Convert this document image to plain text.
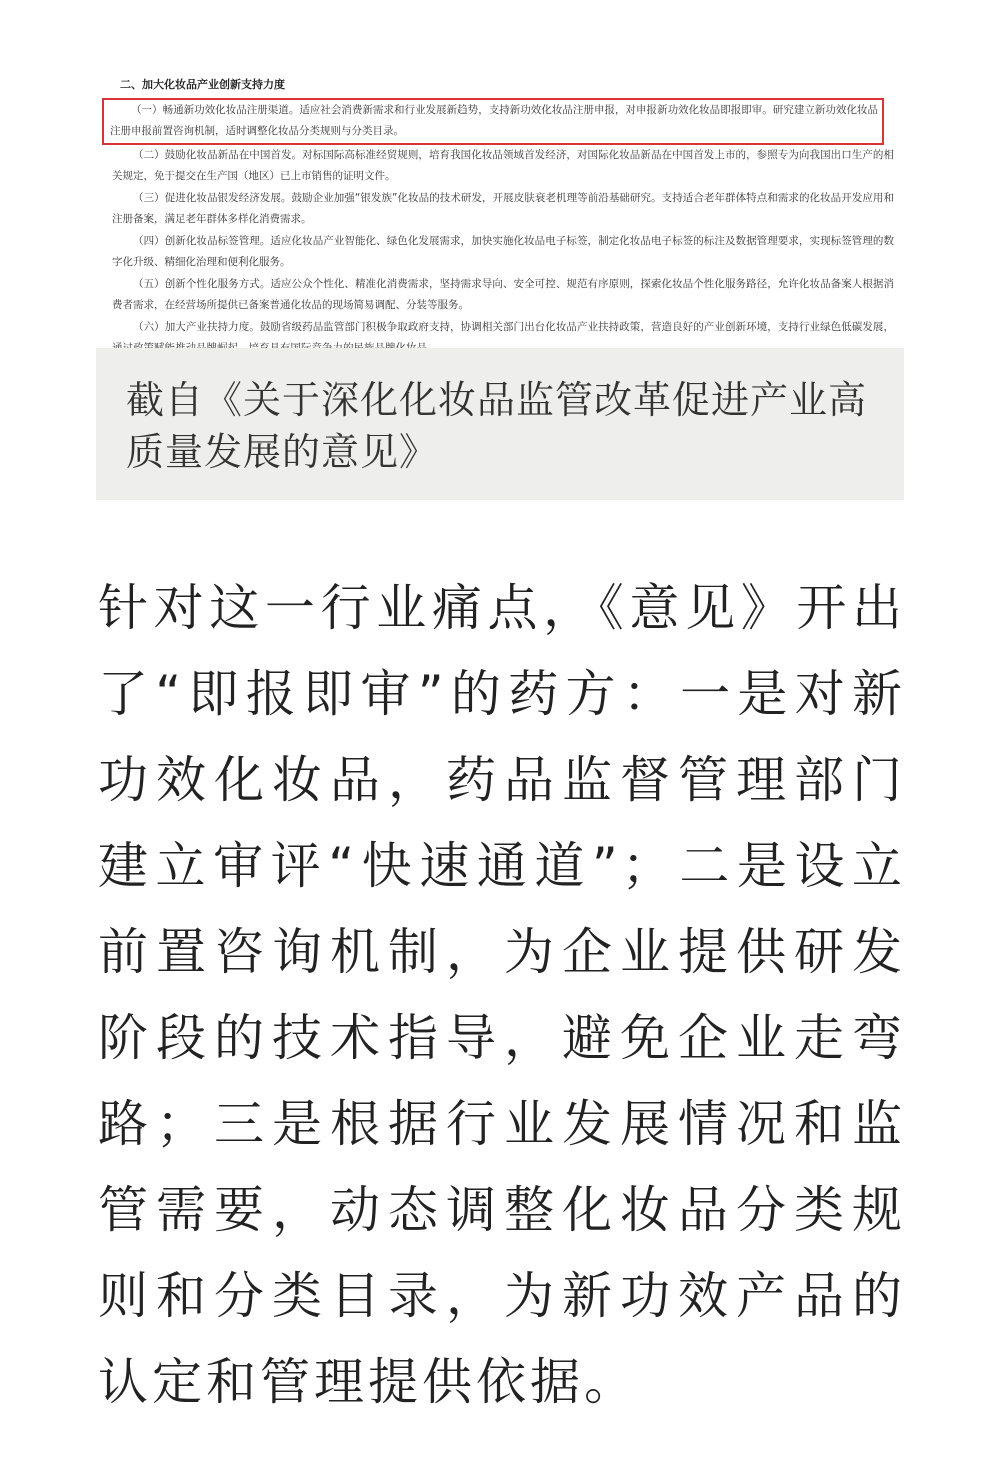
二、加大化妆品产业创新支持力度

（一）畅通新功效化妆品注册渠道。适应社会消费新需求和行业发展新趋势，支持新功效化妆品注册申报，对申报新功效化妆品即报即审。研究建立新功效化妆品注册申报前置咨询机制，适时调整化妆品分类规则与分类目录。

（二）鼓励化妆品新品在中国首发。对标国际高标准经贸规则，培育我国化妆品领域首发经济，对国际化妆品新品在中国首发上市的，参照专为向我国出口生产的相关规定，免于提交在生产国（地区）已上市销售的证明文件。

（三）促进化妆品银发经济发展。鼓励企业加强“银发族”化妆品的技术研发，开展皮肤衰老机理等前沿基础研究。支持适合老年群体特点和需求的化妆品开发应用和注册备案，满足老年群体多样化消费需求。

（四）创新化妆品标签管理。适应化妆品产业智能化、绿色化发展需求，加快实施化妆品电子标签，制定化妆品电子标签的标注及数据管理要求，实现标签管理的数字化升级、精细化治理和便利化服务。

（五）创新个性化服务方式。适应公众个性化、精准化消费需求，坚持需求导向、安全可控、规范有序原则，探索化妆品个性化服务路径，允许化妆品备案人根据消费者需求，在经营场所提供已备案普通化妆品的现场简易调配、分装等服务。

（六）加大产业扶持力度。鼓励省级药品监管部门积极争取政府支持，协调相关部门出台化妆品产业扶持政策，营造良好的产业创新环境，支持行业绿色低碳发展，

截自《关于深化化妆品监管改革促进产业高质量发展的意见》
针对这一行业痛点，《意见》开出了“即报即审”的药方：一是对新功效化妆品，药品监督管理部门建立审评“快速通道”；二是设立前置咨询机制，为企业提供研发阶段的技术指导，避免企业走弯路；三是根据行业发展情况和监管需要，动态调整化妆品分类规则和分类目录，为新功效产品的认定和管理提供依据。
